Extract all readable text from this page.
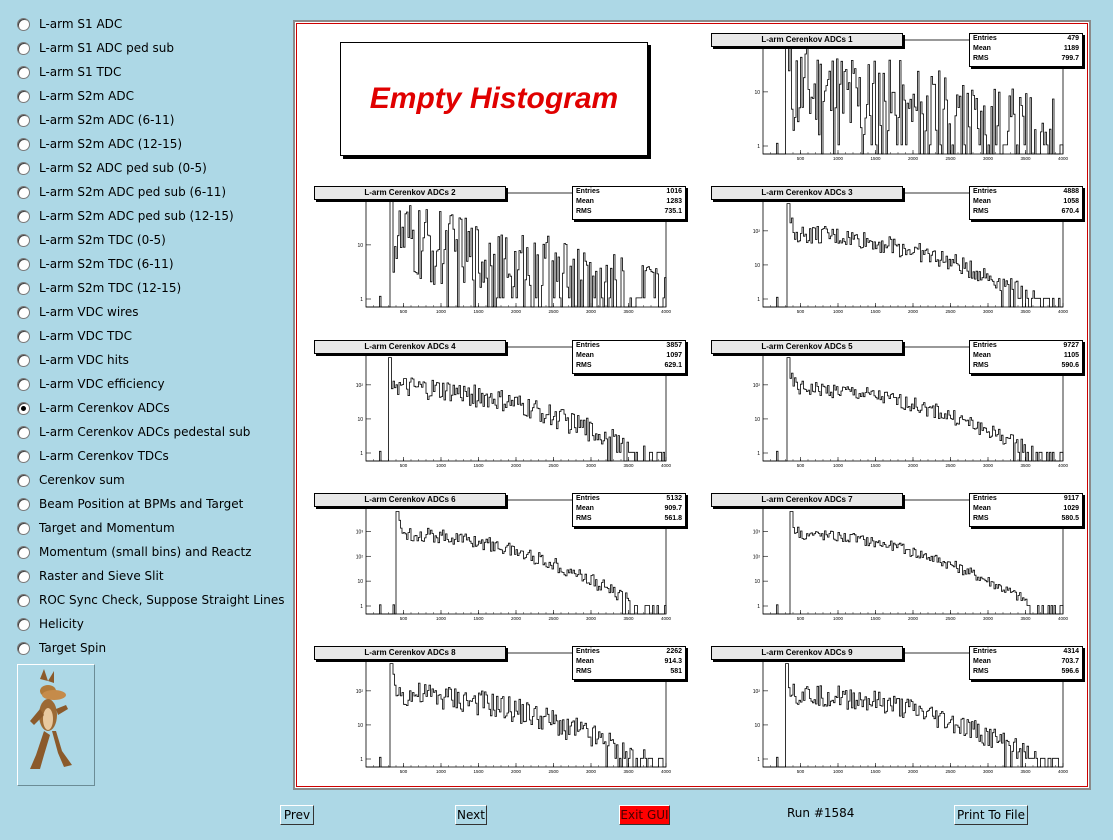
L-arm S1 ADC
L-arm S1 ADC ped sub
L-arm S1 TDC
L-arm S2m ADC
L-arm S2m ADC (6-11)
L-arm S2m ADC (12-15)
L-arm S2 ADC ped sub (0-5)
L-arm S2m ADC ped sub (6-11)
L-arm S2m ADC ped sub (12-15)
L-arm S2m TDC (0-5)
L-arm S2m TDC (6-11)
L-arm S2m TDC (12-15)
L-arm VDC wires
L-arm VDC TDC
L-arm VDC hits
L-arm VDC efficiency
L-arm Cerenkov ADCs
L-arm Cerenkov ADCs pedestal sub
L-arm Cerenkov TDCs
Cerenkov sum
Beam Position at BPMs and Target
Target and Momentum
Momentum (small bins) and Reactz
Raster and Sieve Slit
ROC Sync Check, Suppose Straight Lines
Helicity
Target Spin
Empty Histogram
500	1000	1500	2000	2500	3000	3500	4000
1
10
L-arm Cerenkov ADCs 1	Entries	479
Mean	1189
RMS	799.7
500	1000	1500	2000	2500	3000	3500	4000
1
10
L-arm Cerenkov ADCs 2	Entries	1016
Mean	1283
RMS	735.1
500	1000	1500	2000	2500	3000	3500	4000
1
10
10²
L-arm Cerenkov ADCs 3	Entries	4888
Mean	1058
RMS	670.4
500	1000	1500	2000	2500	3000	3500	4000
1
10
10²
L-arm Cerenkov ADCs 4	Entries	3857
Mean	1097
RMS	629.1
500	1000	1500	2000	2500	3000	3500	4000
1
10
10²
L-arm Cerenkov ADCs 5	Entries	9727
Mean	1105
RMS	590.6
500	1000	1500	2000	2500	3000	3500	4000
1
10
10²
10³
L-arm Cerenkov ADCs 6	Entries	5132
Mean	909.7
RMS	561.8
500	1000	1500	2000	2500	3000	3500	4000
1
10
10²
10³
L-arm Cerenkov ADCs 7	Entries	9117
Mean	1029
RMS	580.5
500	1000	1500	2000	2500	3000	3500	4000
1
10
10²
L-arm Cerenkov ADCs 8	Entries	2262
Mean	914.3
RMS	581
500	1000	1500	2000	2500	3000	3500	4000
1
10
10²
L-arm Cerenkov ADCs 9	Entries	4314
Mean	703.7
RMS	596.6
Prev	Next	Exit GUI	Run #1584	Print To File
